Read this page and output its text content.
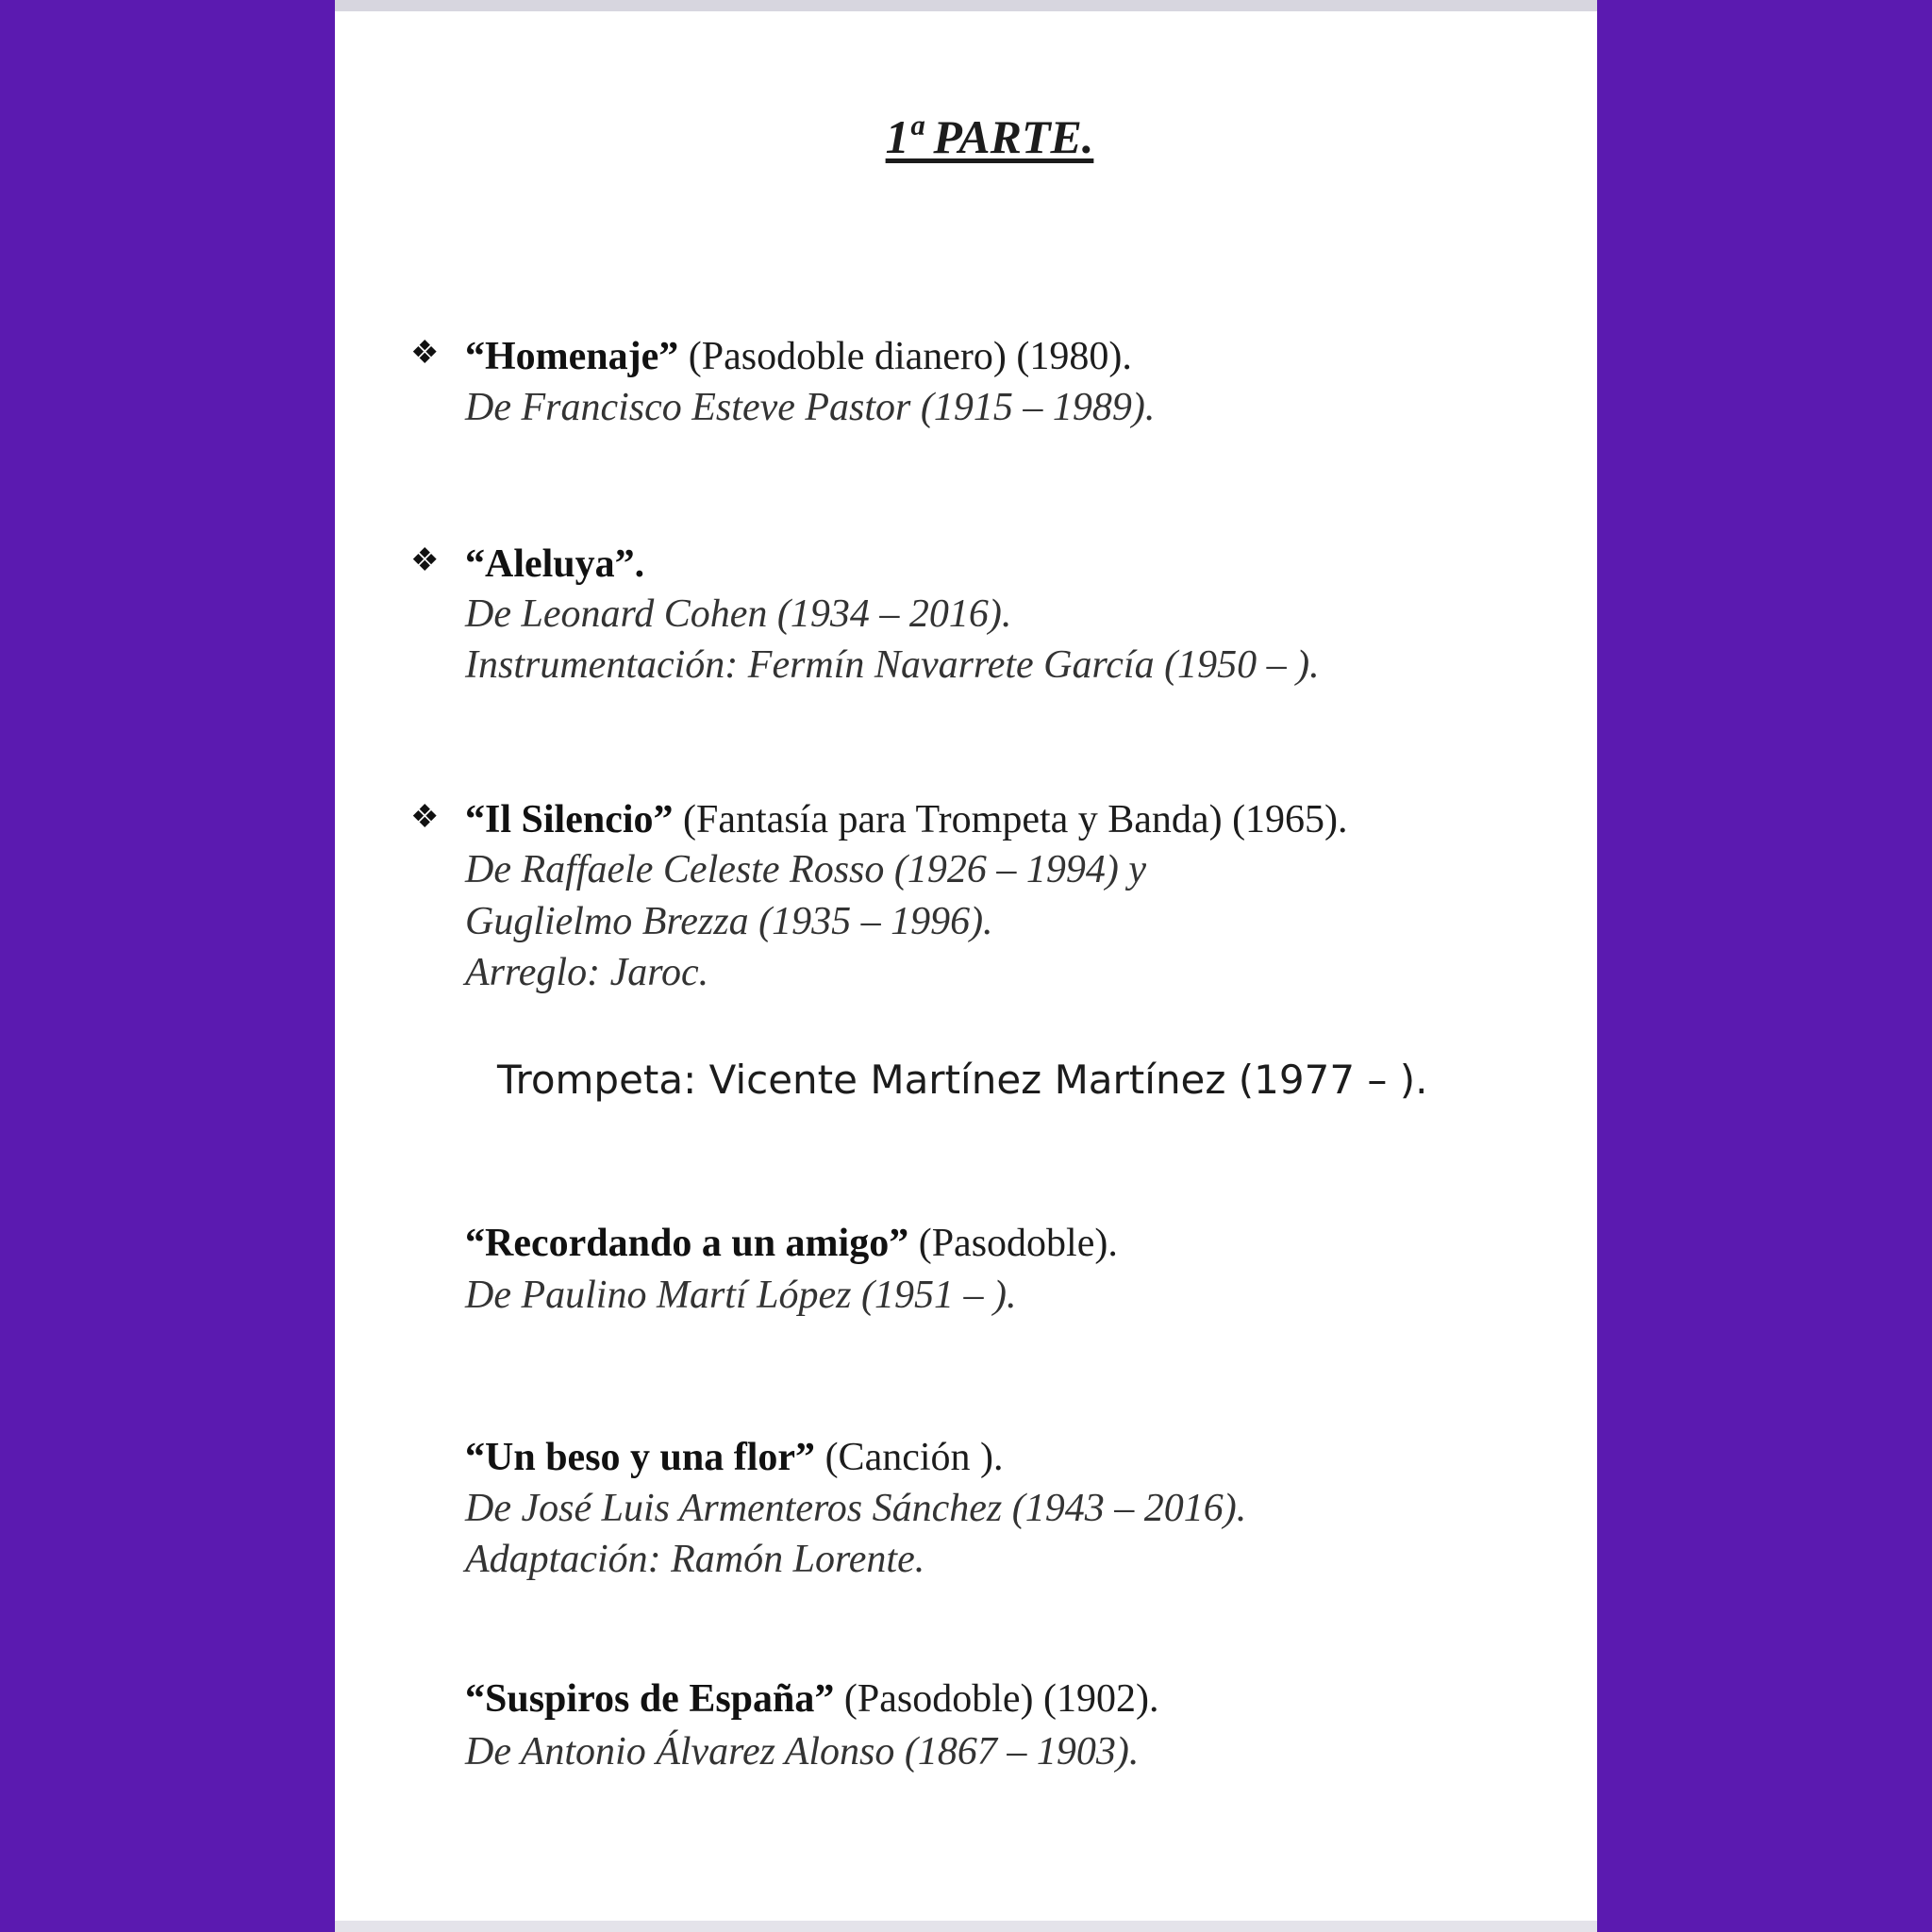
1ª PARTE.
❖ “Homenaje” (Pasodoble dianero) (1980).
De Francisco Esteve Pastor (1915 – 1989).
❖ “Aleluya”.
De Leonard Cohen (1934 – 2016).
Instrumentación: Fermín Navarrete García (1950 – ).
❖ “Il Silencio” (Fantasía para Trompeta y Banda) (1965).
De Raffaele Celeste Rosso (1926 – 1994) y
Guglielmo Brezza (1935 – 1996).
Arreglo: Jaroc.
Trompeta: Vicente Martínez Martínez (1977 – ).
“Recordando a un amigo” (Pasodoble).
De Paulino Martí López (1951 – ).
“Un beso y una flor” (Canción ).
De José Luis Armenteros Sánchez (1943 – 2016).
Adaptación: Ramón Lorente.
“Suspiros de España” (Pasodoble) (1902).
De Antonio Álvarez Alonso (1867 – 1903).
